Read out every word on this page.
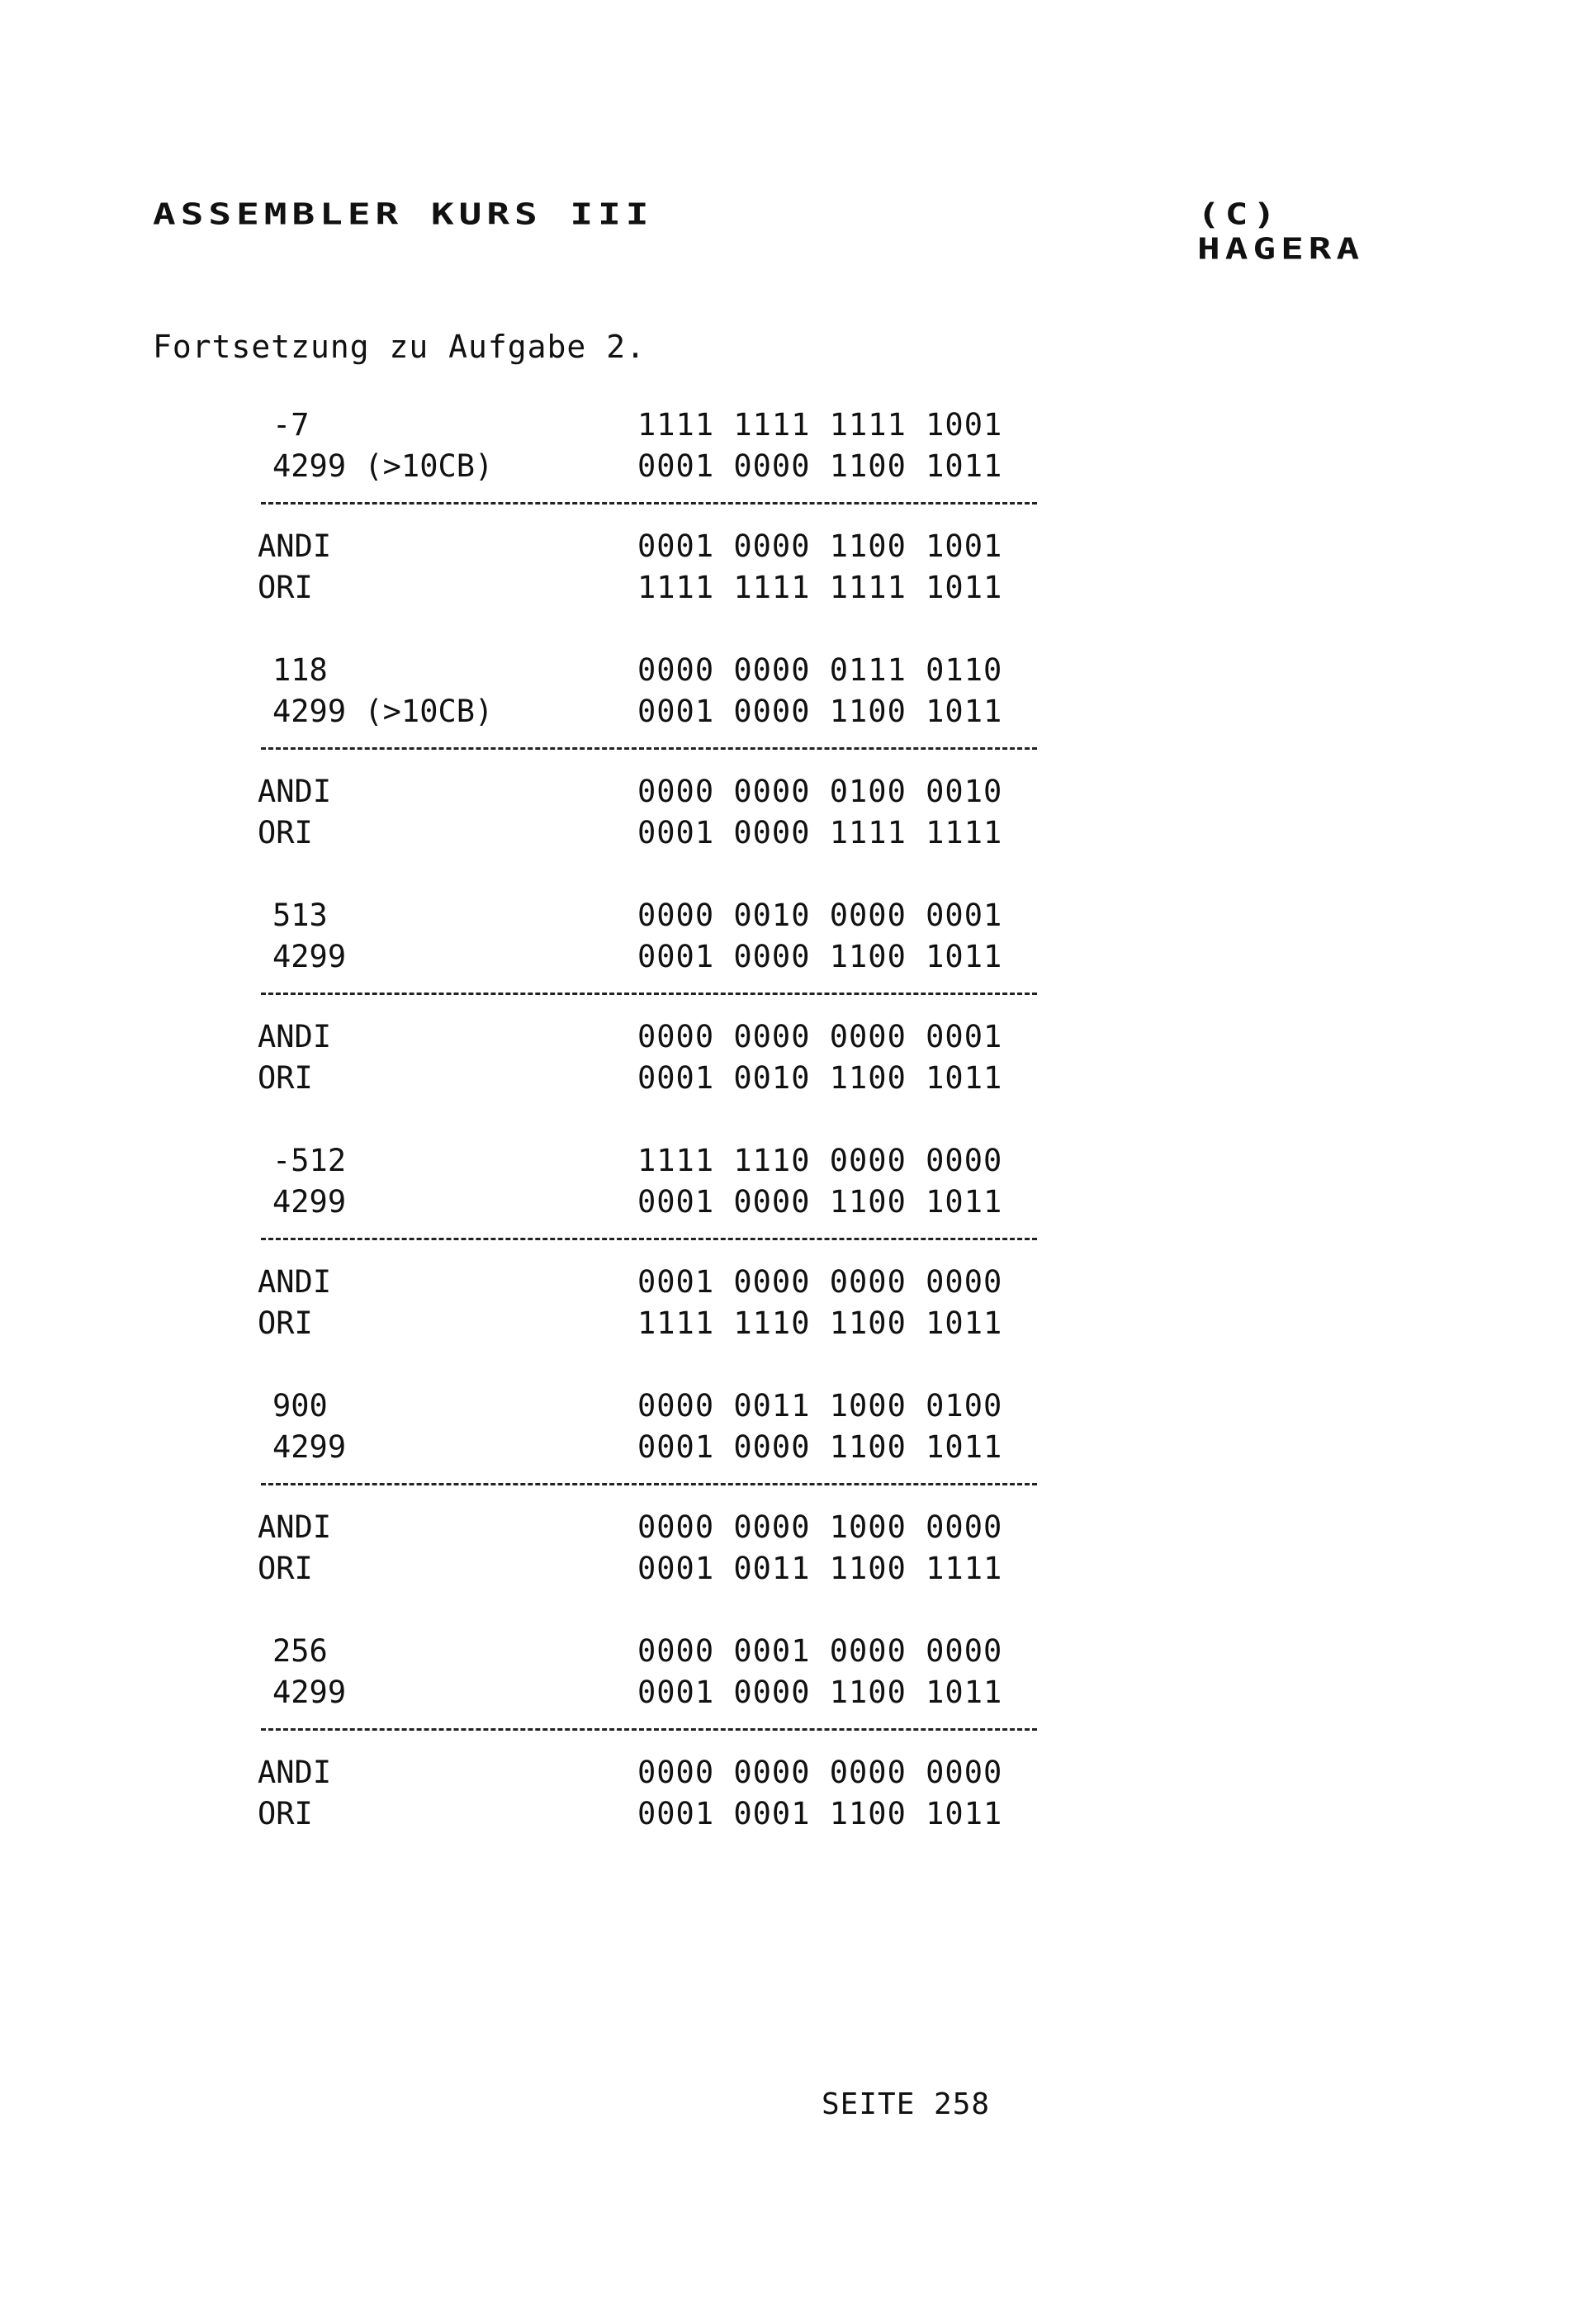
ASSEMBLER KURS III	(C) HAGERA
Fortsetzung zu Aufgabe 2.
-7	1111 1111 1111 1001
4299 (>10CB)	0001 0000 1100 1011
ANDI	0001 0000 1100 1001
ORI	1111 1111 1111 1011
118	0000 0000 0111 0110
4299 (>10CB)	0001 0000 1100 1011
ANDI	0000 0000 0100 0010
ORI	0001 0000 1111 1111
513	0000 0010 0000 0001
4299	0001 0000 1100 1011
ANDI	0000 0000 0000 0001
ORI	0001 0010 1100 1011
-512	1111 1110 0000 0000
4299	0001 0000 1100 1011
ANDI	0001 0000 0000 0000
ORI	1111 1110 1100 1011
900	0000 0011 1000 0100
4299	0001 0000 1100 1011
ANDI	0000 0000 1000 0000
ORI	0001 0011 1100 1111
256	0000 0001 0000 0000
4299	0001 0000 1100 1011
ANDI	0000 0000 0000 0000
ORI	0001 0001 1100 1011
SEITE 258
